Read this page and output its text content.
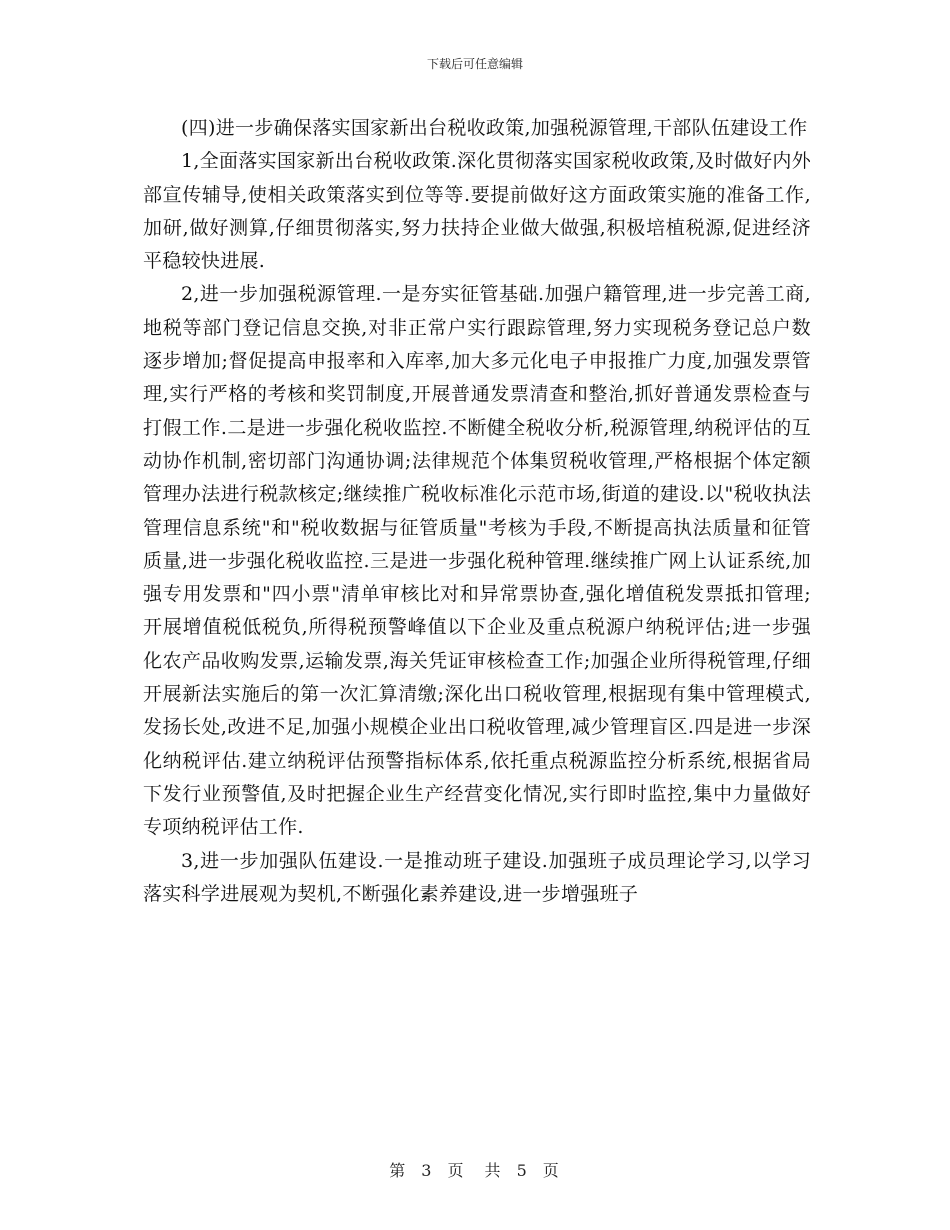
下载后可任意编辑

(四)进一步确保落实国家新出台税收政策,加强税源管理,干部队伍建设工作

1,全面落实国家新出台税收政策.深化贯彻落实国家税收政策,及时做好内外部宣传辅导,使相关政策落实到位等等.要提前做好这方面政策实施的准备工作,加研,做好测算,仔细贯彻落实,努力扶持企业做大做强,积极培植税源,促进经济平稳较快进展.

2,进一步加强税源管理.一是夯实征管基础.加强户籍管理,进一步完善工商,地税等部门登记信息交换,对非正常户实行跟踪管理,努力实现税务登记总户数逐步增加;督促提高申报率和入库率,加大多元化电子申报推广力度,加强发票管理,实行严格的考核和奖罚制度,开展普通发票清查和整治,抓好普通发票检查与打假工作.二是进一步强化税收监控.不断健全税收分析,税源管理,纳税评估的互动协作机制,密切部门沟通协调;法律规范个体集贸税收管理,严格根据个体定额管理办法进行税款核定;继续推广税收标准化示范市场,街道的建设.以"税收执法管理信息系统"和"税收数据与征管质量"考核为手段,不断提高执法质量和征管质量,进一步强化税收监控.三是进一步强化税种管理.继续推广网上认证系统,加强专用发票和"四小票"清单审核比对和异常票协查,强化增值税发票抵扣管理;开展增值税低税负,所得税预警峰值以下企业及重点税源户纳税评估;进一步强化农产品收购发票,运输发票,海关凭证审核检查工作;加强企业所得税管理,仔细开展新法实施后的第一次汇算清缴;深化出口税收管理,根据现有集中管理模式,发扬长处,改进不足,加强小规模企业出口税收管理,减少管理盲区.四是进一步深化纳税评估.建立纳税评估预警指标体系,依托重点税源监控分析系统,根据省局下发行业预警值,及时把握企业生产经营变化情况,实行即时监控,集中力量做好专项纳税评估工作.

3,进一步加强队伍建设.一是推动班子建设.加强班子成员理论学习,以学习落实科学进展观为契机,不断强化素养建设,进一步增强班子

第 3 页 共 5 页
